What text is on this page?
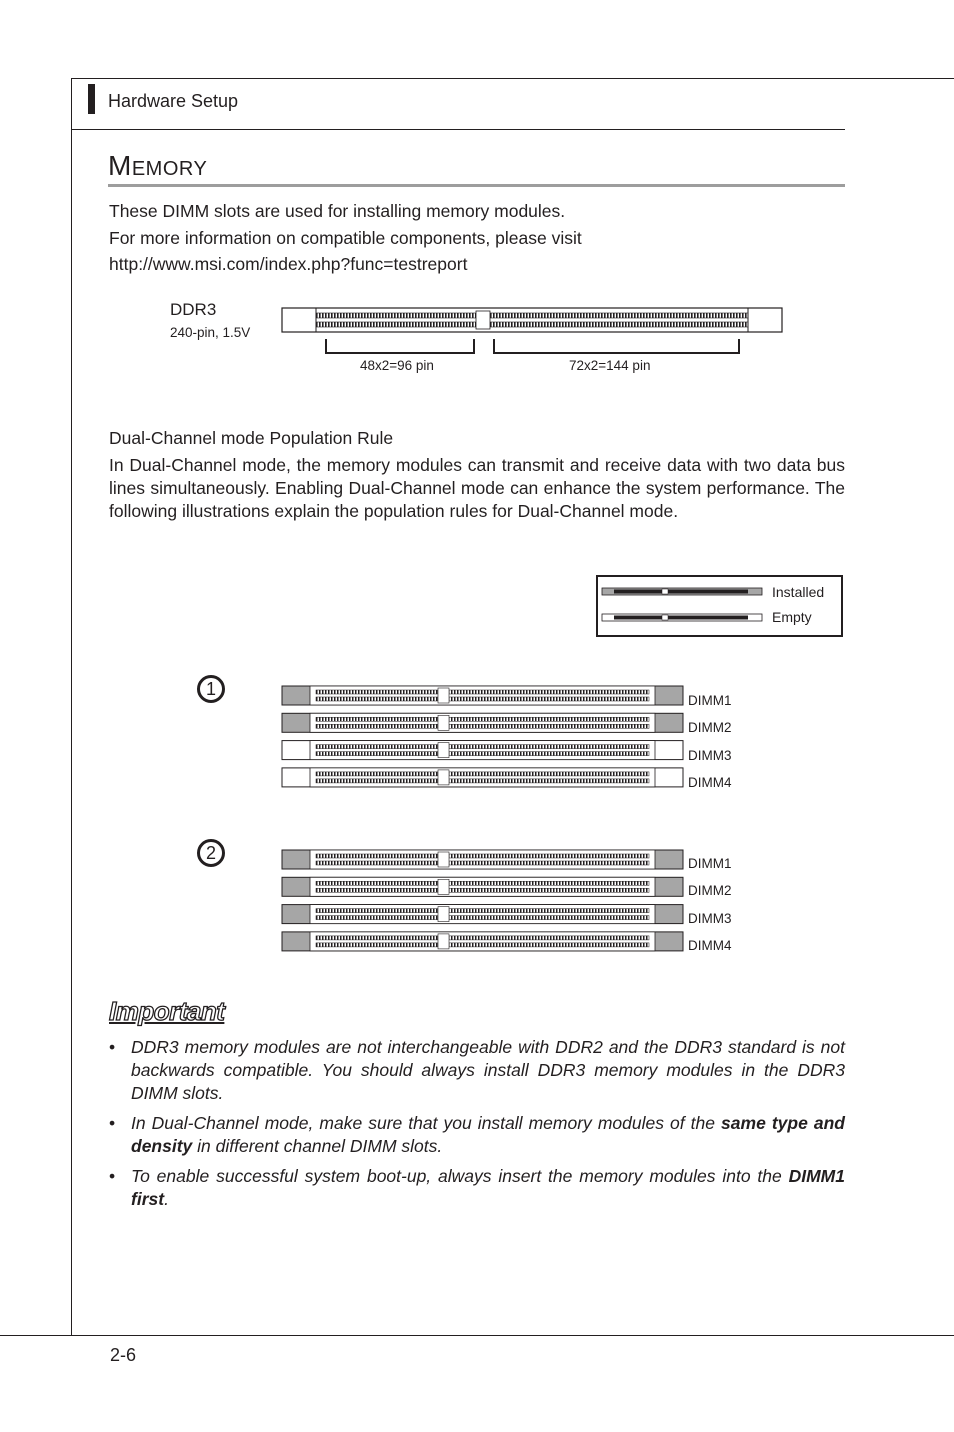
Hardware Setup
Memory
These DIMM slots are used for installing memory modules.
For more information on compatible components, please visit
http://www.msi.com/index.php?func=testreport
DDR3
240-pin, 1.5V
48x2=96 pin	72x2=144 pin
Dual-Channel mode Population Rule
In Dual-Channel mode, the memory modules can transmit and receive data with two data bus lines simultaneously. Enabling Dual-Channel mode can enhance the system performance. The following illustrations explain the population rules for Dual-Channel mode.
Installed
Empty
1
DIMM1
DIMM2
DIMM3
DIMM4
2
DIMM1
DIMM2
DIMM3
DIMM4
Important
• DDR3 memory modules are not interchangeable with DDR2 and the DDR3 standard is not backwards compatible. You should always install DDR3 memory modules in the DDR3 DIMM slots.
• In Dual-Channel mode, make sure that you install memory modules of the same type and density in different channel DIMM slots.
• To enable successful system boot-up, always insert the memory modules into the DIMM1 first.
2-6
